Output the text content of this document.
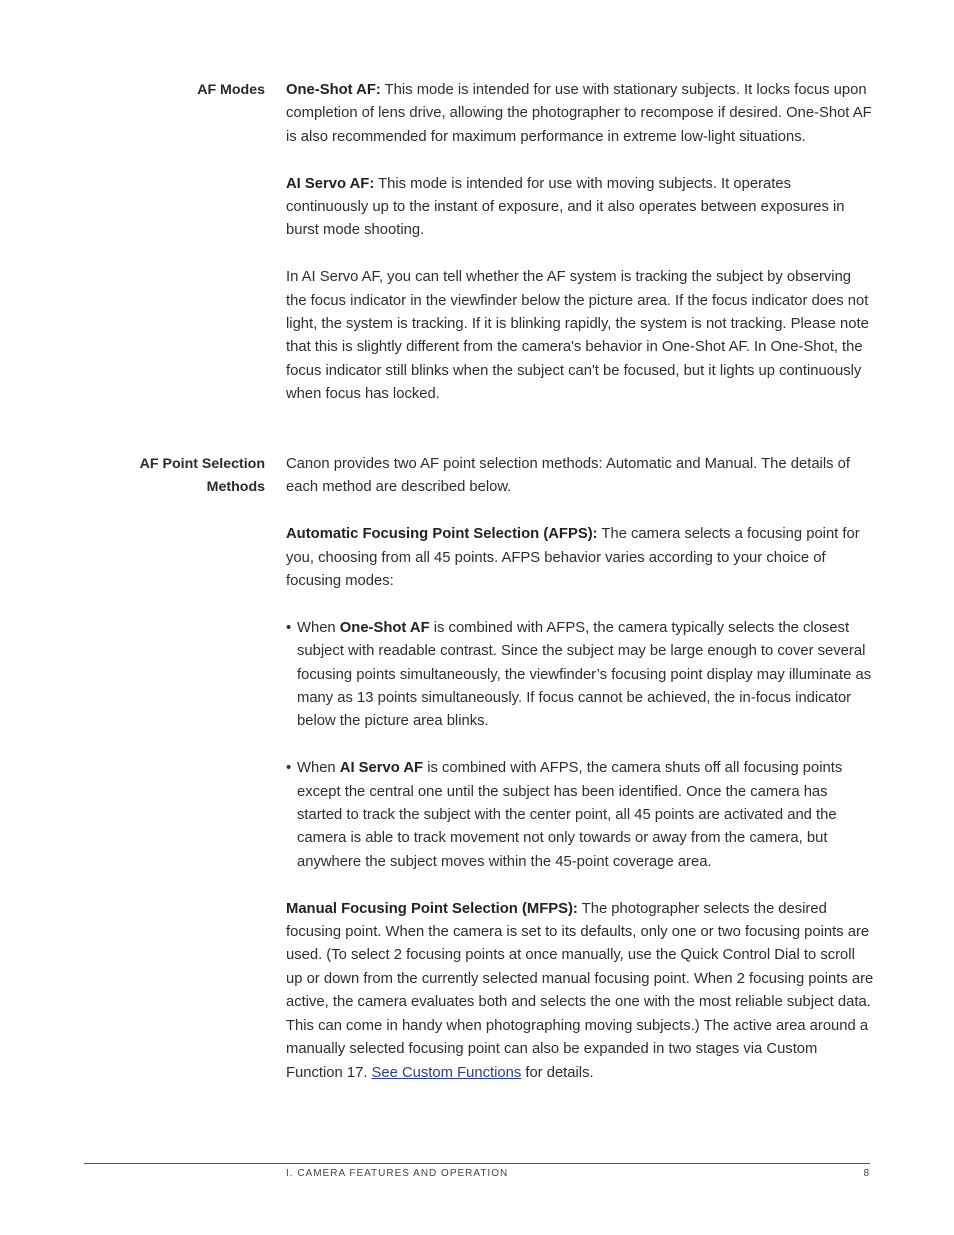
AF Modes One-Shot AF: This mode is intended for use with stationary subjects. It locks focus upon completion of lens drive, allowing the photographer to recompose if desired. One-Shot AF is also recommended for maximum performance in extreme low-light situations.

AI Servo AF: This mode is intended for use with moving subjects. It operates continuously up to the instant of exposure, and it also operates between exposures in burst mode shooting.

In AI Servo AF, you can tell whether the AF system is tracking the subject by observing the focus indicator in the viewfinder below the picture area. If the focus indicator does not light, the system is tracking. If it is blinking rapidly, the system is not tracking. Please note that this is slightly different from the camera's behavior in One-Shot AF. In One-Shot, the focus indicator still blinks when the subject can't be focused, but it lights up continuously when focus has locked.

AF Point Selection
Methods

Canon provides two AF point selection methods: Automatic and Manual. The details of each method are described below.

Automatic Focusing Point Selection (AFPS): The camera selects a focusing point for you, choosing from all 45 points. AFPS behavior varies according to your choice of focusing modes:

• When One-Shot AF is combined with AFPS, the camera typically selects the closest subject with readable contrast. Since the subject may be large enough to cover several focusing points simultaneously, the viewfinder’s focusing point display may illuminate as many as 13 points simultaneously. If focus cannot be achieved, the in-focus indicator below the picture area blinks.
• When AI Servo AF is combined with AFPS, the camera shuts off all focusing points except the central one until the subject has been identified. Once the camera has started to track the subject with the center point, all 45 points are activated and the camera is able to track movement not only towards or away from the camera, but anywhere the subject moves within the 45-point coverage area.

Manual Focusing Point Selection (MFPS): The photographer selects the desired focusing point. When the camera is set to its defaults, only one or two focusing points are used. (To select 2 focusing points at once manually, use the Quick Control Dial to scroll up or down from the currently selected manual focusing point. When 2 focusing points are active, the camera evaluates both and selects the one with the most reliable subject data. This can come in handy when photographing moving subjects.) The active area around a manually selected focusing point can also be expanded in two stages via Custom Function 17. See Custom Functions for details.

I. CAMERA FEATURES AND OPERATION	8
